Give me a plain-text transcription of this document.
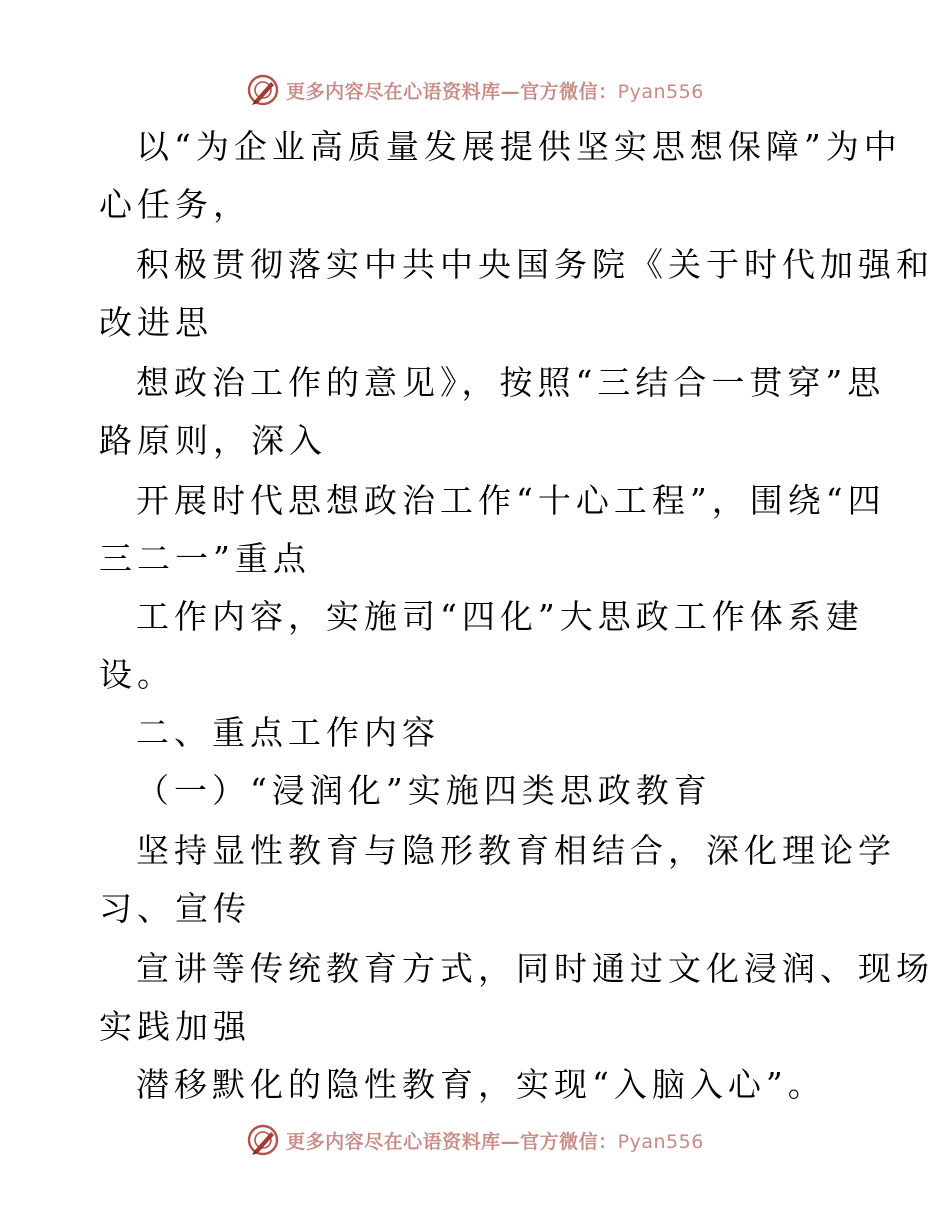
更多内容尽在心语资料库—官方微信：Pyan556
以“为企业高质量发展提供坚实思想保障”为中
心任务，
积极贯彻落实中共中央国务院《关于时代加强和
改进思
想政治工作的意见》，按照“三结合一贯穿”思
路原则，深入
开展时代思想政治工作“十心工程”，围绕“四
三二一”重点
工作内容，实施司“四化”大思政工作体系建
设。
二、重点工作内容
（一）“浸润化”实施四类思政教育
坚持显性教育与隐形教育相结合，深化理论学
习、宣传
宣讲等传统教育方式，同时通过文化浸润、现场
实践加强
潜移默化的隐性教育，实现“入脑入心”。
更多内容尽在心语资料库—官方微信：Pyan556
